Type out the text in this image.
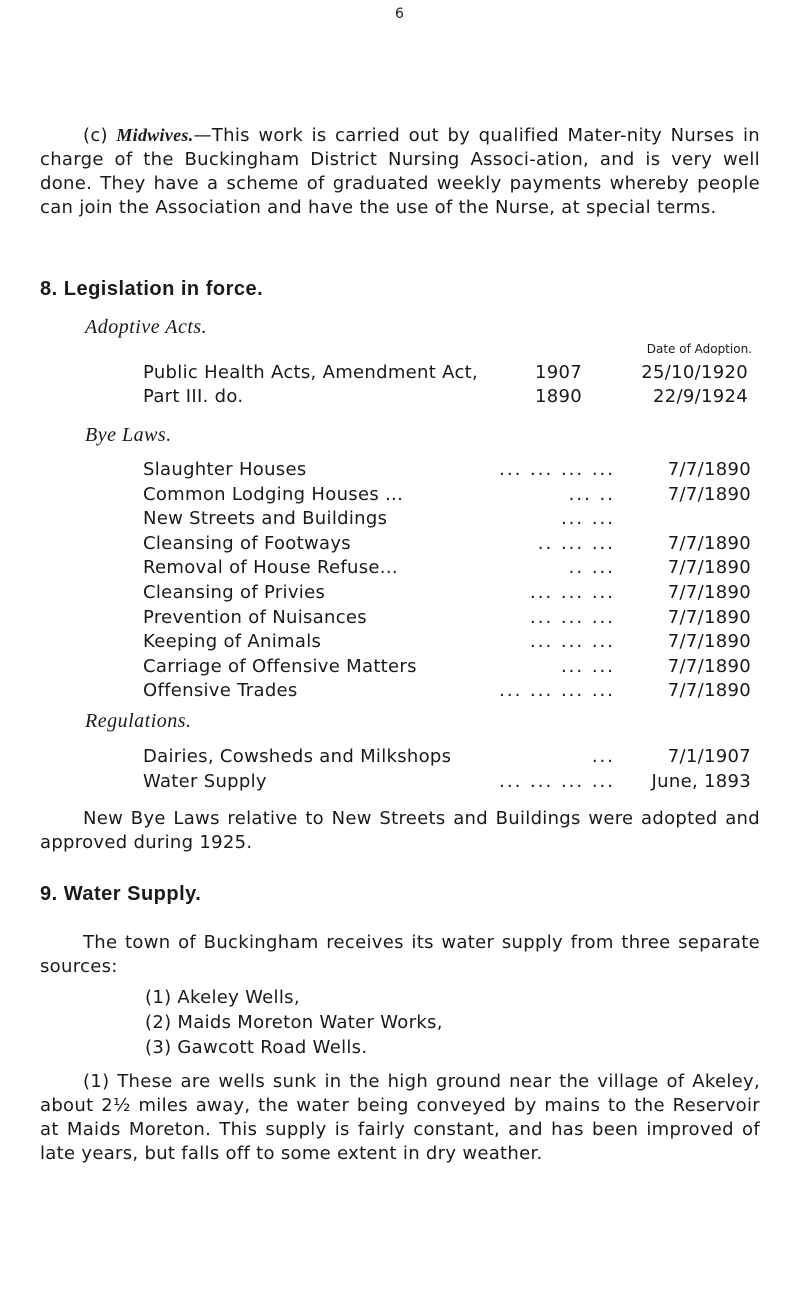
6
(c) Midwives.—This work is carried out by qualified Mater-nity Nurses in charge of the Buckingham District Nursing Associ-ation, and is very well done. They have a scheme of graduated weekly payments whereby people can join the Association and have the use of the Nurse, at special terms.
8. Legislation in force.
Adoptive Acts.
Date of Adoption.
Public Health Acts, Amendment Act,	1907	25/10/1920
Part III. do.	1890	22/9/1924
Bye Laws.
Slaughter Houses	... ... ... ...	7/7/1890
Common Lodging Houses ...	... ..	7/7/1890
New Streets and Buildings	... ...
Cleansing of Footways	.. ... ...	7/7/1890
Removal of House Refuse...	.. ...	7/7/1890
Cleansing of Privies	... ... ...	7/7/1890
Prevention of Nuisances	... ... ...	7/7/1890
Keeping of Animals	... ... ...	7/7/1890
Carriage of Offensive Matters	... ...	7/7/1890
Offensive Trades	... ... ... ...	7/7/1890
Regulations.
Dairies, Cowsheds and Milkshops	...	7/1/1907
Water Supply	... ... ... ... June, 1893
New Bye Laws relative to New Streets and Buildings were adopted and approved during 1925.
9. Water Supply.
The town of Buckingham receives its water supply from three separate sources:
(1) Akeley Wells,
(2) Maids Moreton Water Works,
(3) Gawcott Road Wells.
(1) These are wells sunk in the high ground near the village of Akeley, about 2½ miles away, the water being conveyed by mains to the Reservoir at Maids Moreton. This supply is fairly constant, and has been improved of late years, but falls off to some extent in dry weather.
